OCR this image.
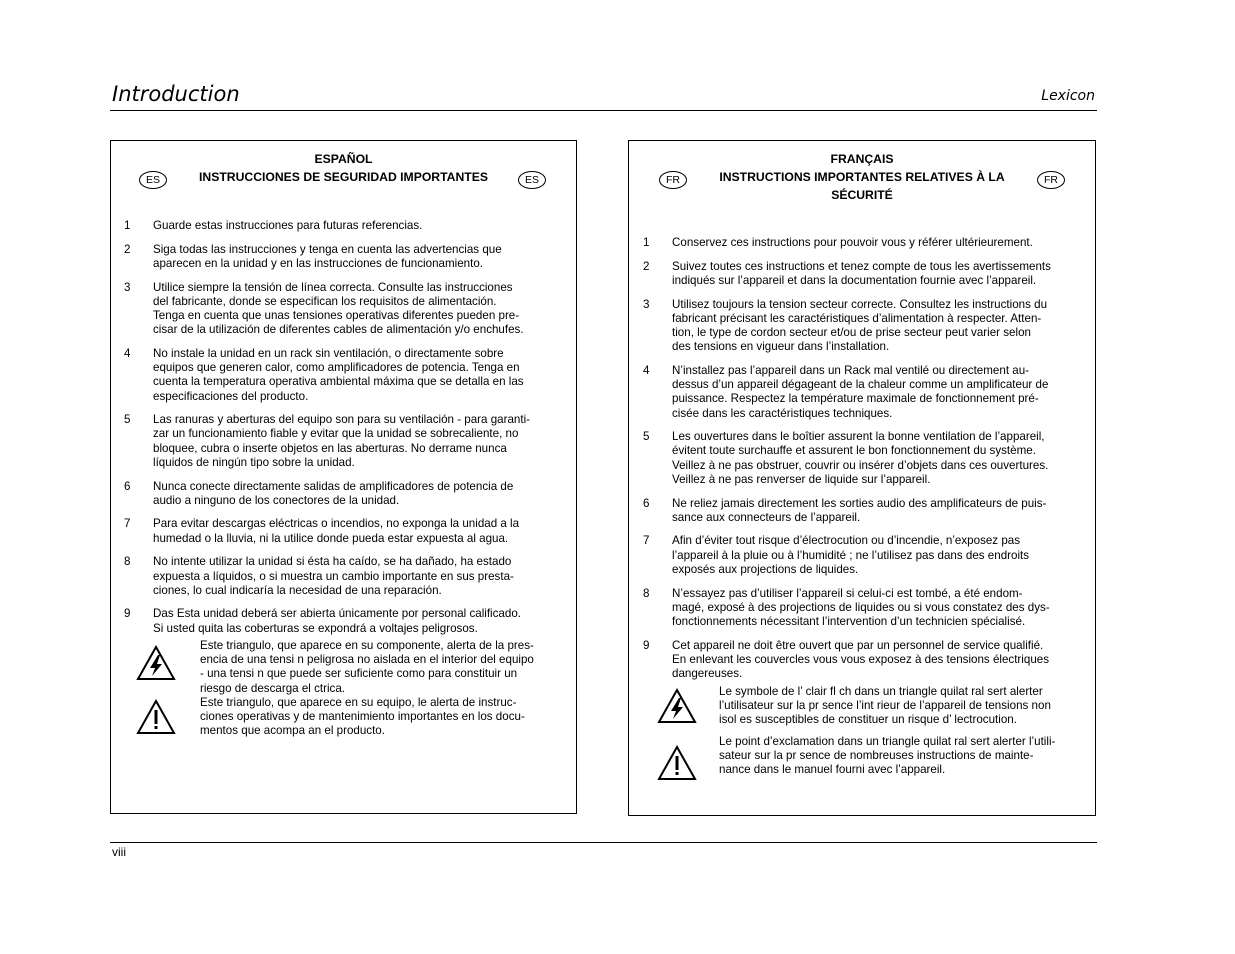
Introduction	Lexicon
ESPAÑOL
INSTRUCCIONES DE SEGURIDAD IMPORTANTES
ES	ES
1 Guarde estas instrucciones para futuras referencias.
2 Siga todas las instrucciones y tenga en cuenta las advertencias que
aparecen en la unidad y en las instrucciones de funcionamiento.
3 Utilice siempre la tensión de línea correcta. Consulte las instrucciones
del fabricante, donde se especifican los requisitos de alimentación.
Tenga en cuenta que unas tensiones operativas diferentes pueden pre-
cisar de la utilización de diferentes cables de alimentación y/o enchufes.
4 No instale la unidad en un rack sin ventilación, o directamente sobre
equipos que generen calor, como amplificadores de potencia. Tenga en
cuenta la temperatura operativa ambiental máxima que se detalla en las
especificaciones del producto.
5 Las ranuras y aberturas del equipo son para su ventilación - para garanti-
zar un funcionamiento fiable y evitar que la unidad se sobrecaliente, no
bloquee, cubra o inserte objetos en las aberturas. No derrame nunca
líquidos de ningún tipo sobre la unidad.
6 Nunca conecte directamente salidas de amplificadores de potencia de
audio a ninguno de los conectores de la unidad.
7 Para evitar descargas eléctricas o incendios, no exponga la unidad a la
humedad o la lluvia, ni la utilice donde pueda estar expuesta al agua.
8 No intente utilizar la unidad si ésta ha caído, se ha dañado, ha estado
expuesta a líquidos, o si muestra un cambio importante en sus presta-
ciones, lo cual indicaría la necesidad de una reparación.
9 Das Esta unidad deberá ser abierta únicamente por personal calificado.
Si usted quita las coberturas se expondrá a voltajes peligrosos.
Este triangulo, que aparece en su componente, alerta de la pres-
encia de una tensi n peligrosa no aislada en el interior del equipo
- una tensi n que puede ser suficiente como para constituir un
riesgo de descarga el ctrica.
Este triangulo, que aparece en su equipo, le alerta de instruc-
ciones operativas y de mantenimiento importantes en los docu-
mentos que acompa an el producto.
FRANÇAIS
INSTRUCTIONS IMPORTANTES RELATIVES À LA SÉCURITÉ
FR	FR
1 Conservez ces instructions pour pouvoir vous y référer ultérieurement.
2 Suivez toutes ces instructions et tenez compte de tous les avertissements
indiqués sur l’appareil et dans la documentation fournie avec l’appareil.
3 Utilisez toujours la tension secteur correcte. Consultez les instructions du
fabricant précisant les caractéristiques d’alimentation à respecter. Atten-
tion, le type de cordon secteur et/ou de prise secteur peut varier selon
des tensions en vigueur dans l’installation.
4 N’installez pas l’appareil dans un Rack mal ventilé ou directement au-
dessus d’un appareil dégageant de la chaleur comme un amplificateur de
puissance. Respectez la température maximale de fonctionnement pré-
cisée dans les caractéristiques techniques.
5 Les ouvertures dans le boîtier assurent la bonne ventilation de l’appareil,
évitent toute surchauffe et assurent le bon fonctionnement du système.
Veillez à ne pas obstruer, couvrir ou insérer d’objets dans ces ouvertures.
Veillez à ne pas renverser de liquide sur l’appareil.
6 Ne reliez jamais directement les sorties audio des amplificateurs de puis-
sance aux connecteurs de l’appareil.
7 Afin d’éviter tout risque d’électrocution ou d’incendie, n’exposez pas
l’appareil à la pluie ou à l’humidité ; ne l’utilisez pas dans des endroits
exposés aux projections de liquides.
8 N’essayez pas d’utiliser l’appareil si celui-ci est tombé, a été endom-
magé, exposé à des projections de liquides ou si vous constatez des dys-
fonctionnements nécessitant l’intervention d’un technicien spécialisé.
9 Cet appareil ne doit être ouvert que par un personnel de service qualifié.
En enlevant les couvercles vous vous exposez à des tensions électriques
dangereuses.
Le symbole de l’ clair fl ch dans un triangle quilat ral sert alerter
l’utilisateur sur la pr sence l’int rieur de l’appareil de tensions non
isol es susceptibles de constituer un risque d’ lectrocution.
Le point d’exclamation dans un triangle quilat ral sert alerter l’utili-
sateur sur la pr sence de nombreuses instructions de mainte-
nance dans le manuel fourni avec l’appareil.
viii
